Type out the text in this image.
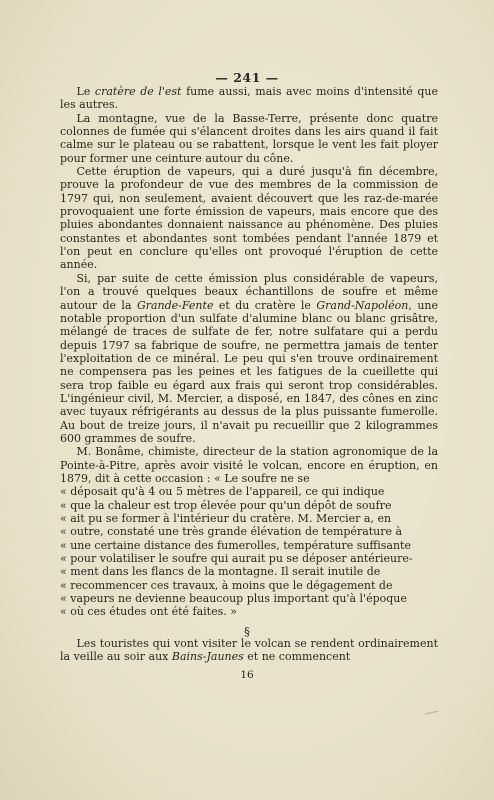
— 241 —

Le cratère de l'est fume aussi, mais avec moins d'intensité que les autres.

La montagne, vue de la Basse-Terre, présente donc quatre colonnes de fumée qui s'élancent droites dans les airs quand il fait calme sur le plateau ou se rabattent, lorsque le vent les fait ployer pour former une ceinture autour du cône.

Cette éruption de vapeurs, qui a duré jusqu'à fin décembre, prouve la profondeur de vue des membres de la commission de 1797 qui, non seulement, avaient découvert que les raz-de-marée provoquaient une forte émission de vapeurs, mais encore que des pluies abondantes donnaient naissance au phénomène. Des pluies constantes et abondantes sont tombées pendant l'année 1879 et l'on peut en conclure qu'elles ont provoqué l'éruption de cette année.

Si, par suite de cette émission plus considérable de vapeurs, l'on a trouvé quelques beaux échantillons de soufre et même autour de la Grande-Fente et du cratère le Grand-Napoléon, une notable proportion d'un sulfate d'alumine blanc ou blanc grisâtre, mélangé de traces de sulfate de fer, notre sulfatare qui a perdu depuis 1797 sa fabrique de soufre, ne permettra jamais de tenter l'exploitation de ce minéral. Le peu qui s'en trouve ordinairement ne compensera pas les peines et les fatigues de la cueillette qui sera trop faible eu égard aux frais qui seront trop considérables. L'ingénieur civil, M. Mercier, a disposé, en 1847, des cônes en zinc avec tuyaux réfrigérants au dessus de la plus puissante fumerolle. Au bout de treize jours, il n'avait pu recueillir que 2 kilogrammes 600 grammes de soufre.

M. Bonâme, chimiste, directeur de la station agronomique de la Pointe-à-Pitre, après avoir visité le volcan, encore en éruption, en 1879, dit à cette occasion : « Le soufre ne se

« déposait qu'à 4 ou 5 mètres de l'appareil, ce qui indique

« que la chaleur est trop élevée pour qu'un dépôt de soufre

« ait pu se former à l'intérieur du cratère. M. Mercier a, en

« outre, constaté une très grande élévation de température à

« une certaine distance des fumerolles, température suffisante

« pour volatiliser le soufre qui aurait pu se déposer antérieure-

« ment dans les flancs de la montagne. Il serait inutile de

« recommencer ces travaux, à moins que le dégagement de

« vapeurs ne devienne beaucoup plus important qu'à l'époque

« où ces études ont été faites. »

§

Les touristes qui vont visiter le volcan se rendent ordinairement la veille au soir aux Bains-Jaunes et ne commencent

16
